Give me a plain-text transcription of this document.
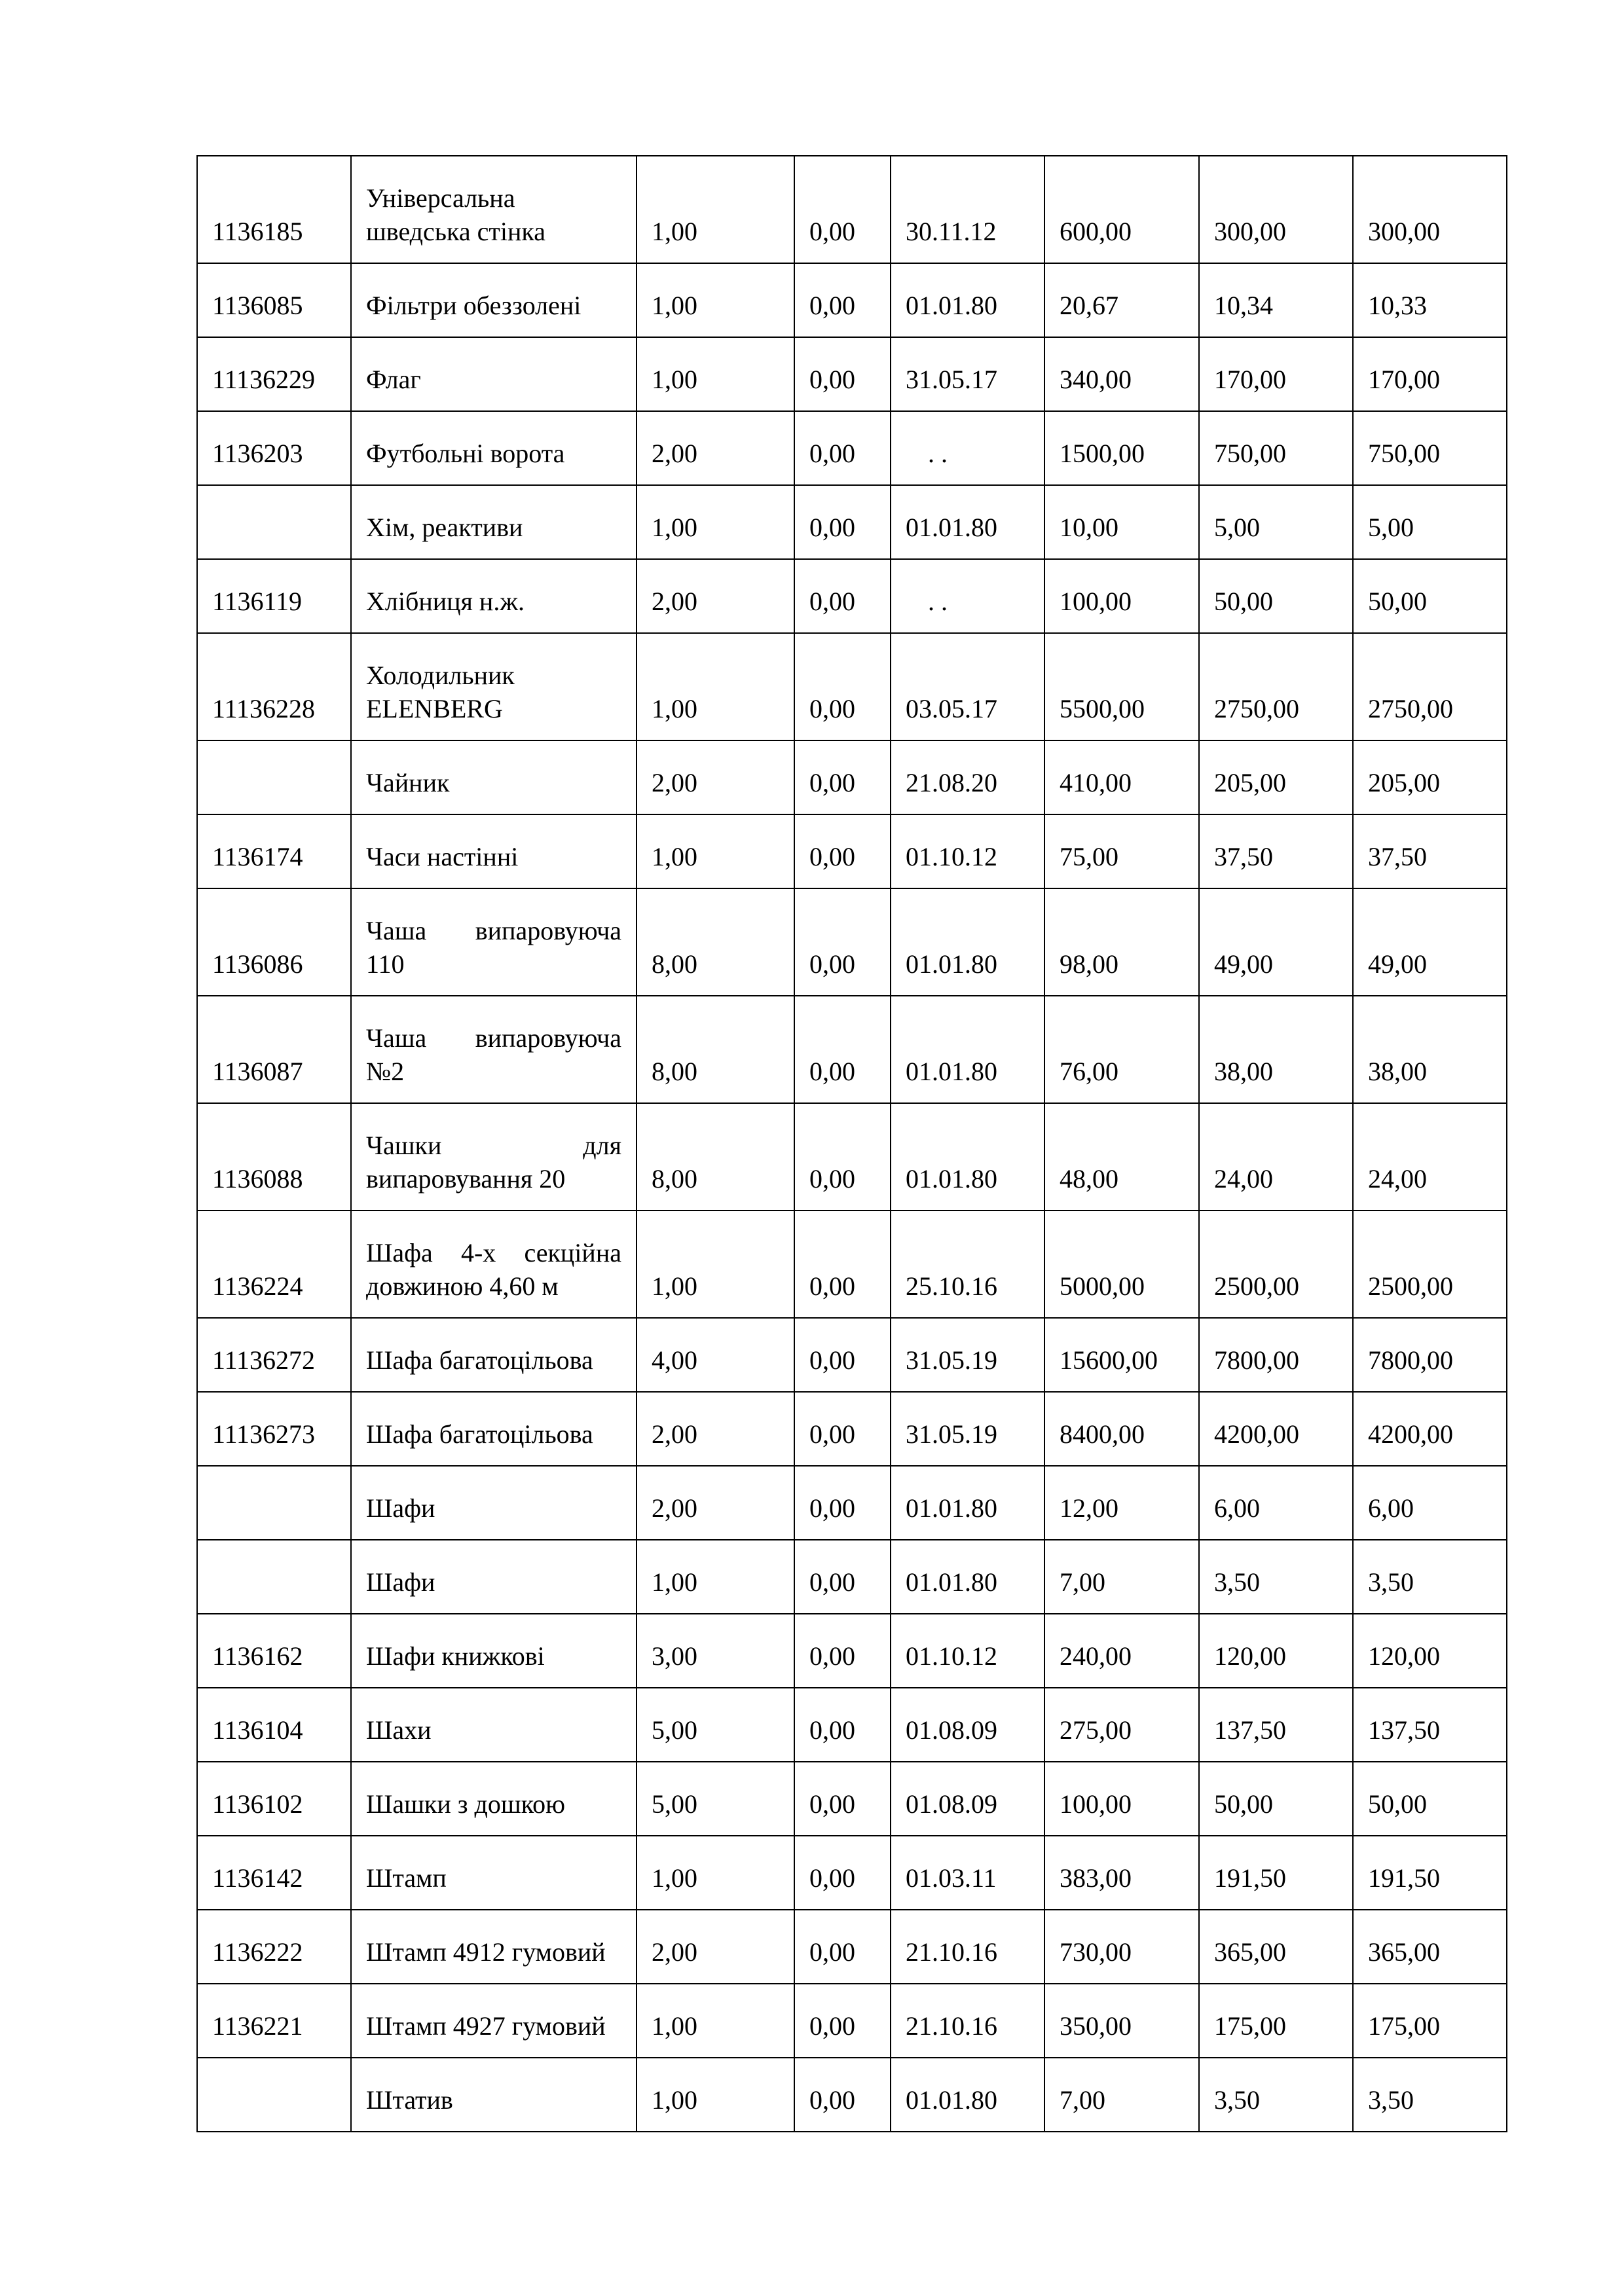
1136185	Універсальна шведська стінка	1,00	0,00	30.11.12	600,00	300,00	300,00
1136085	Фільтри обеззолені	1,00	0,00	01.01.80	20,67	10,34	10,33
11136229	Флаг	1,00	0,00	31.05.17	340,00	170,00	170,00
1136203	Футбольні ворота	2,00	0,00	. .	1500,00	750,00	750,00
	Хім, реактиви	1,00	0,00	01.01.80	10,00	5,00	5,00
1136119	Хлібниця н.ж.	2,00	0,00	. .	100,00	50,00	50,00
11136228	Холодильник ELENBERG	1,00	0,00	03.05.17	5500,00	2750,00	2750,00
	Чайник	2,00	0,00	21.08.20	410,00	205,00	205,00
1136174	Часи настінні	1,00	0,00	01.10.12	75,00	37,50	37,50
1136086	Чаша випаровуюча 110	8,00	0,00	01.01.80	98,00	49,00	49,00
1136087	Чаша випаровуюча №2	8,00	0,00	01.01.80	76,00	38,00	38,00
1136088	Чашки для випаровування 20	8,00	0,00	01.01.80	48,00	24,00	24,00
1136224	Шафа 4-х секційна довжиною 4,60 м	1,00	0,00	25.10.16	5000,00	2500,00	2500,00
11136272	Шафа багатоцільова	4,00	0,00	31.05.19	15600,00	7800,00	7800,00
11136273	Шафа багатоцільова	2,00	0,00	31.05.19	8400,00	4200,00	4200,00
	Шафи	2,00	0,00	01.01.80	12,00	6,00	6,00
	Шафи	1,00	0,00	01.01.80	7,00	3,50	3,50
1136162	Шафи книжкові	3,00	0,00	01.10.12	240,00	120,00	120,00
1136104	Шахи	5,00	0,00	01.08.09	275,00	137,50	137,50
1136102	Шашки з дошкою	5,00	0,00	01.08.09	100,00	50,00	50,00
1136142	Штамп	1,00	0,00	01.03.11	383,00	191,50	191,50
1136222	Штамп 4912 гумовий	2,00	0,00	21.10.16	730,00	365,00	365,00
1136221	Штамп 4927 гумовий	1,00	0,00	21.10.16	350,00	175,00	175,00
	Штатив	1,00	0,00	01.01.80	7,00	3,50	3,50
